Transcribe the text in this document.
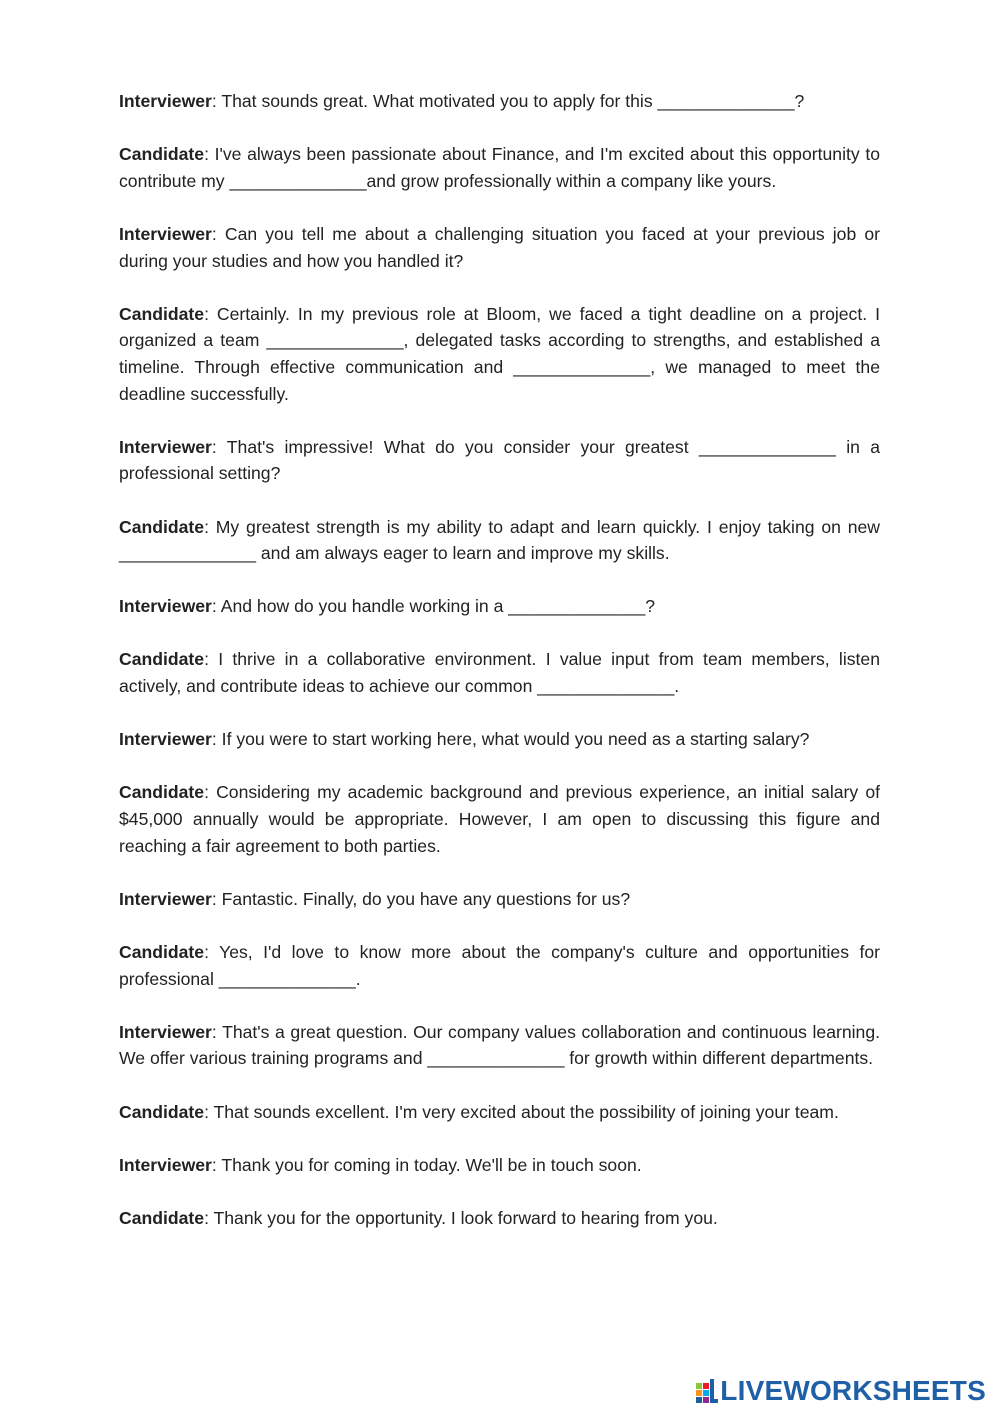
Interviewer: That sounds great. What motivated you to apply for this ______________?

Candidate: I've always been passionate about Finance, and I'm excited about this opportunity to contribute my ______________and grow professionally within a company like yours.

Interviewer: Can you tell me about a challenging situation you faced at your previous job or during your studies and how you handled it?

Candidate: Certainly. In my previous role at Bloom, we faced a tight deadline on a project. I organized a team ______________, delegated tasks according to strengths, and established a timeline. Through effective communication and ______________, we managed to meet the deadline successfully.

Interviewer: That's impressive! What do you consider your greatest ______________ in a professional setting?

Candidate: My greatest strength is my ability to adapt and learn quickly. I enjoy taking on new ______________ and am always eager to learn and improve my skills.

Interviewer: And how do you handle working in a ______________?

Candidate: I thrive in a collaborative environment. I value input from team members, listen actively, and contribute ideas to achieve our common ______________.

Interviewer: If you were to start working here, what would you need as a starting salary?

Candidate: Considering my academic background and previous experience, an initial salary of $45,000 annually would be appropriate. However, I am open to discussing this figure and reaching a fair agreement to both parties.

Interviewer: Fantastic. Finally, do you have any questions for us?

Candidate: Yes, I'd love to know more about the company's culture and opportunities for professional ______________.

Interviewer: That's a great question. Our company values collaboration and continuous learning. We offer various training programs and ______________ for growth within different departments.

Candidate: That sounds excellent. I'm very excited about the possibility of joining your team.

Interviewer: Thank you for coming in today. We'll be in touch soon.

Candidate: Thank you for the opportunity. I look forward to hearing from you.

LIVEWORKSHEETS
